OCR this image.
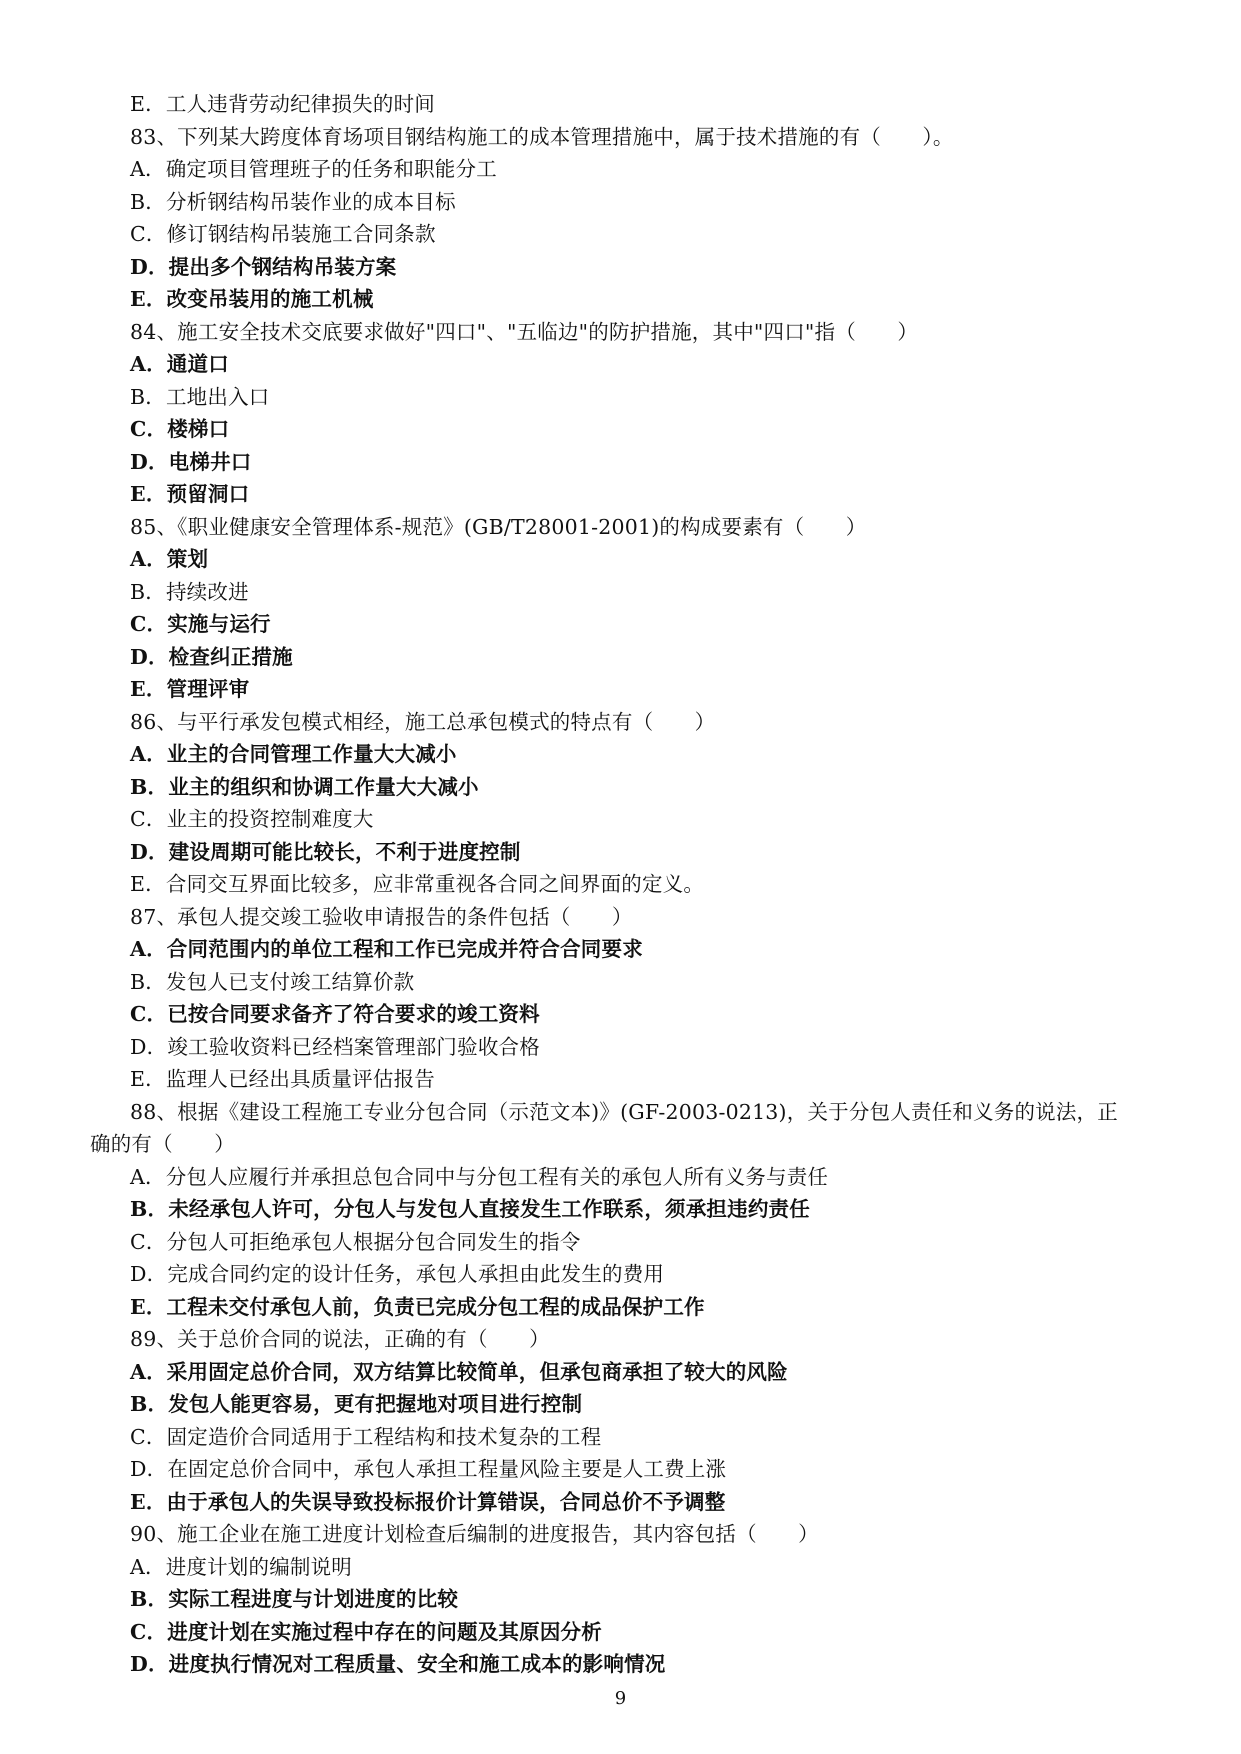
E．工人违背劳动纪律损失的时间
83、下列某大跨度体育场项目钢结构施工的成本管理措施中，属于技术措施的有（　　）。
A．确定项目管理班子的任务和职能分工
B．分析钢结构吊装作业的成本目标
C．修订钢结构吊装施工合同条款
D．提出多个钢结构吊装方案
E．改变吊装用的施工机械
84、施工安全技术交底要求做好"四口"、"五临边"的防护措施，其中"四口"指（　　）
A．通道口
B．工地出入口
C．楼梯口
D．电梯井口
E．预留洞口
85、《职业健康安全管理体系-规范》(GB/T28001-2001)的构成要素有（　　）
A．策划
B．持续改进
C．实施与运行
D．检查纠正措施
E．管理评审
86、与平行承发包模式相经，施工总承包模式的特点有（　　）
A．业主的合同管理工作量大大减小
B．业主的组织和协调工作量大大减小
C．业主的投资控制难度大
D．建设周期可能比较长，不利于进度控制
E．合同交互界面比较多，应非常重视各合同之间界面的定义。
87、承包人提交竣工验收申请报告的条件包括（　　）
A．合同范围内的单位工程和工作已完成并符合合同要求
B．发包人已支付竣工结算价款
C．已按合同要求备齐了符合要求的竣工资料
D．竣工验收资料已经档案管理部门验收合格
E．监理人已经出具质量评估报告
88、根据《建设工程施工专业分包合同（示范文本)》(GF-2003-0213)，关于分包人责任和义务的说法，正
确的有（　　）
A．分包人应履行并承担总包合同中与分包工程有关的承包人所有义务与责任
B．未经承包人许可，分包人与发包人直接发生工作联系，须承担违约责任
C．分包人可拒绝承包人根据分包合同发生的指令
D．完成合同约定的设计任务，承包人承担由此发生的费用
E．工程未交付承包人前，负责已完成分包工程的成品保护工作
89、关于总价合同的说法，正确的有（　　）
A．采用固定总价合同，双方结算比较简单，但承包商承担了较大的风险
B．发包人能更容易，更有把握地对项目进行控制
C．固定造价合同适用于工程结构和技术复杂的工程
D．在固定总价合同中，承包人承担工程量风险主要是人工费上涨
E．由于承包人的失误导致投标报价计算错误，合同总价不予调整
90、施工企业在施工进度计划检查后编制的进度报告，其内容包括（　　）
A．进度计划的编制说明
B．实际工程进度与计划进度的比较
C．进度计划在实施过程中存在的问题及其原因分析
D．进度执行情况对工程质量、安全和施工成本的影响情况
9
